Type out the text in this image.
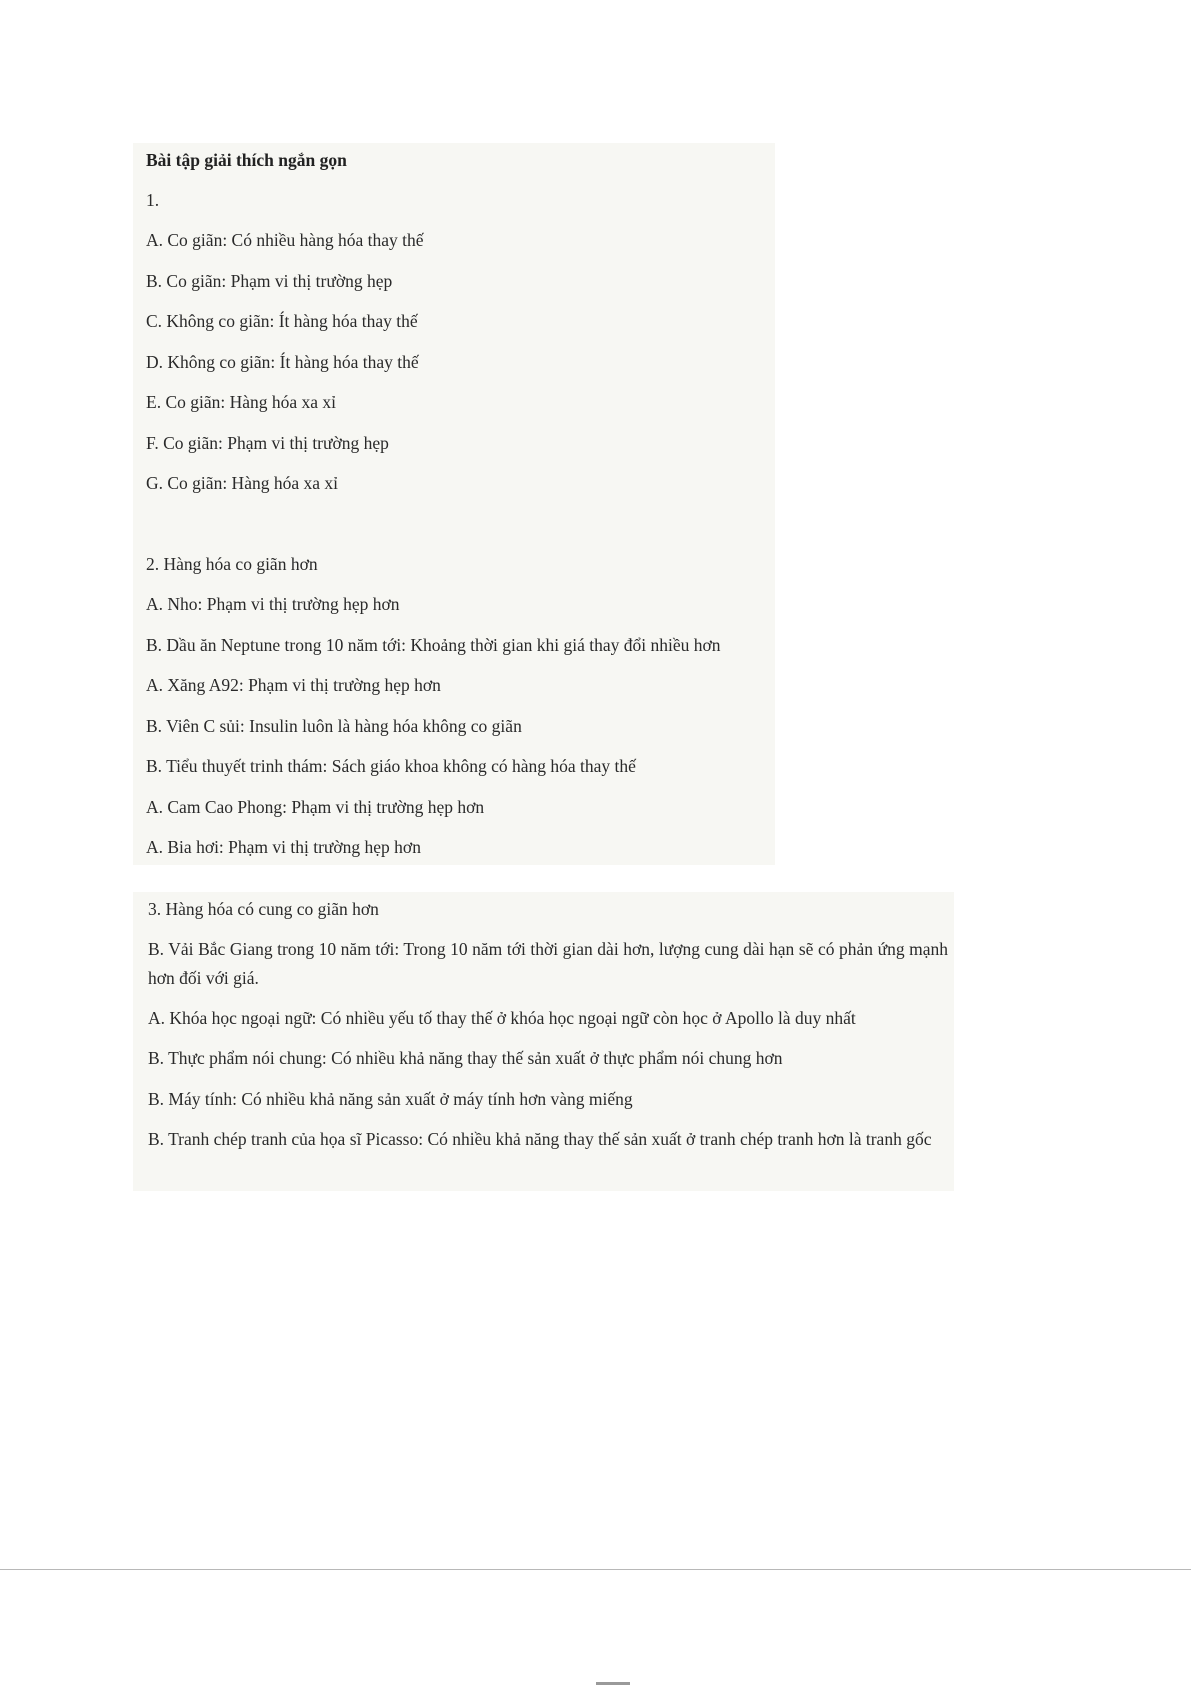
Bài tập giải thích ngắn gọn
1.
A. Co giãn: Có nhiều hàng hóa thay thế
B. Co giãn: Phạm vi thị trường hẹp
C. Không co giãn: Ít hàng hóa thay thế
D. Không co giãn: Ít hàng hóa thay thế
E. Co giãn: Hàng hóa xa xỉ
F. Co giãn: Phạm vi thị trường hẹp
G. Co giãn: Hàng hóa xa xỉ
2. Hàng hóa co giãn hơn
A. Nho: Phạm vi thị trường hẹp hơn
B. Dầu ăn Neptune trong 10 năm tới: Khoảng thời gian khi giá thay đổi nhiều hơn
A. Xăng A92: Phạm vi thị trường hẹp hơn
B. Viên C sủi: Insulin luôn là hàng hóa không co giãn
B. Tiểu thuyết trinh thám: Sách giáo khoa không có hàng hóa thay thế
A. Cam Cao Phong: Phạm vi thị trường hẹp hơn
A. Bia hơi: Phạm vi thị trường hẹp hơn
3. Hàng hóa có cung co giãn hơn
B. Vải Bắc Giang trong 10 năm tới: Trong 10 năm tới thời gian dài hơn, lượng cung dài hạn sẽ có phản ứng mạnh hơn đối với giá.
A. Khóa học ngoại ngữ: Có nhiều yếu tố thay thế ở khóa học ngoại ngữ còn học ở Apollo là duy nhất
B. Thực phẩm nói chung: Có nhiều khả năng thay thế sản xuất ở thực phẩm nói chung hơn
B. Máy tính: Có nhiều khả năng sản xuất ở máy tính hơn vàng miếng
B. Tranh chép tranh của họa sĩ Picasso: Có nhiều khả năng thay thế sản xuất ở tranh chép tranh hơn là tranh gốc
